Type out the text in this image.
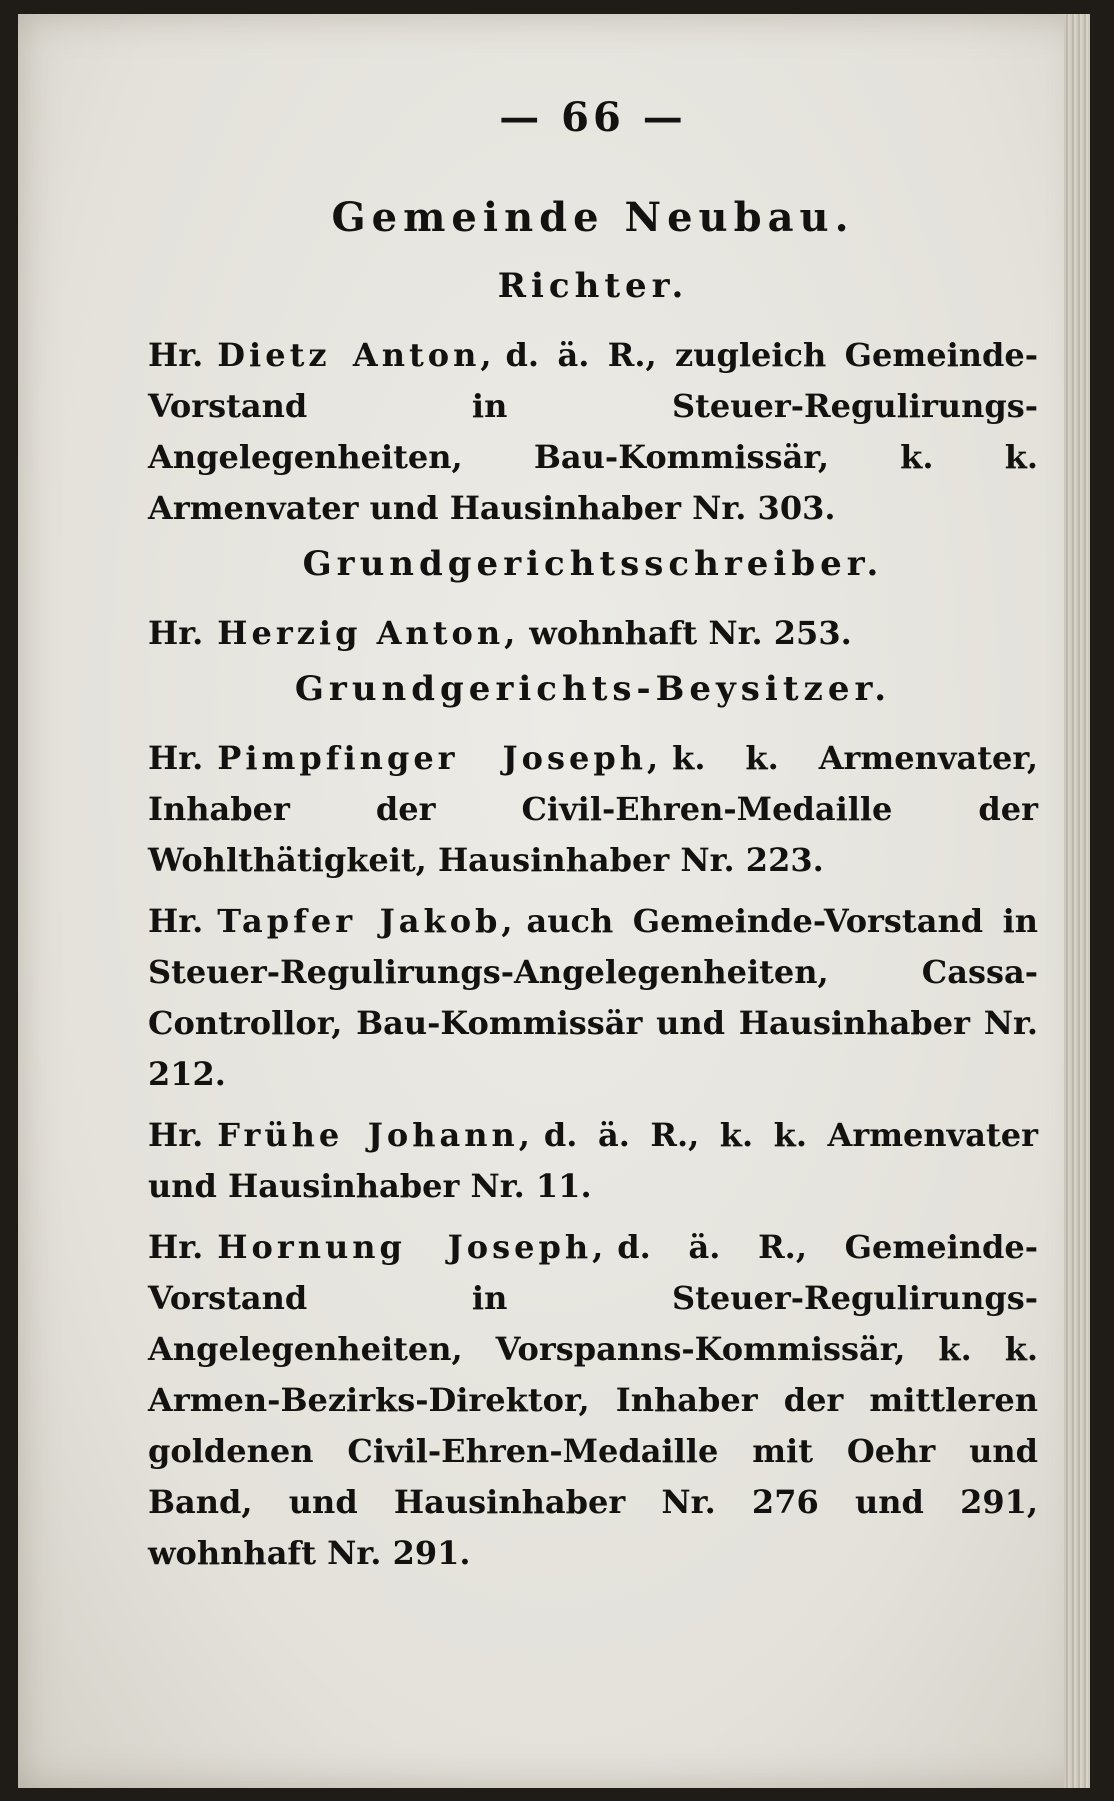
— 66 —
Gemeinde Neubau.
Richter.
Hr. Dietz Anton, d. ä. R., zugleich Gemeinde-Vorstand in Steuer-Regulirungs-Angelegenheiten, Bau-Kommissär, k. k. Armenvater und Hausinhaber Nr. 303.
Grundgerichtsschreiber.
Hr. Herzig Anton, wohnhaft Nr. 253.
Grundgerichts-Beysitzer.
Hr. Pimpfinger Joseph, k. k. Armenvater, Inhaber der Civil-Ehren-Medaille der Wohlthätigkeit, Hausinhaber Nr. 223.
Hr. Tapfer Jakob, auch Gemeinde-Vorstand in Steuer-Regulirungs-Angelegenheiten, Cassa-Controllor, Bau-Kommissär und Hausinhaber Nr. 212.
Hr. Frühe Johann, d. ä. R., k. k. Armenvater und Hausinhaber Nr. 11.
Hr. Hornung Joseph, d. ä. R., Gemeinde-Vorstand in Steuer-Regulirungs-Angelegenheiten, Vorspanns-Kommissär, k. k. Armen-Bezirks-Direktor, Inhaber der mittleren goldenen Civil-Ehren-Medaille mit Oehr und Band, und Hausinhaber Nr. 276 und 291, wohnhaft Nr. 291.
